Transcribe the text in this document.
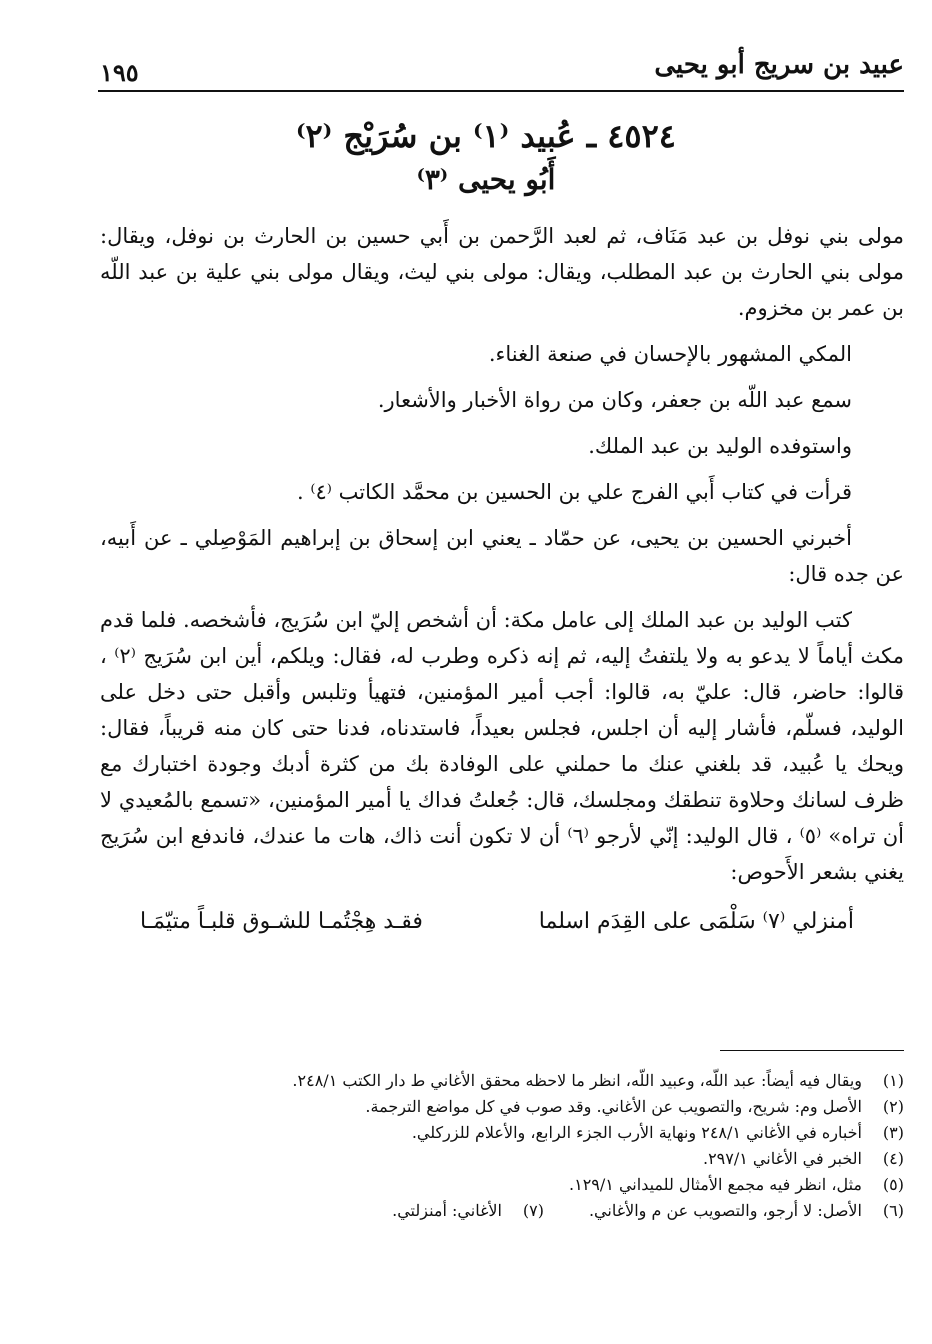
١٩٥	عبيد بن سريج أبو يحيى
٤٥٢٤ ـ عُبيد ⁽١⁾ بن سُرَيْج ⁽٢⁾
أَبُو يحيى ⁽٣⁾

مولى بني نوفل بن عبد مَنَاف، ثم لعبد الرَّحمن بن أَبي حسين بن الحارث بن نوفل، ويقال: مولى بني الحارث بن عبد المطلب، ويقال: مولى بني ليث، ويقال مولى بني علية بن عبد اللّه بن عمر بن مخزوم.

المكي المشهور بالإحسان في صنعة الغناء.

سمع عبد اللّه بن جعفر، وكان من رواة الأخبار والأشعار.

واستوفده الوليد بن عبد الملك.

قرأت في كتاب أَبي الفرج علي بن الحسين بن محمَّد الكاتب ⁽٤⁾ .

أخبرني الحسين بن يحيى، عن حمّاد ـ يعني ابن إسحاق بن إبراهيم المَوْصِلي ـ عن أَبيه، عن جده قال:

كتب الوليد بن عبد الملك إلى عامل مكة: أن أشخص إليّ ابن سُرَيج، فأشخصه. فلما قدم مكث أياماً لا يدعو به ولا يلتفتُ إليه، ثم إنه ذكره وطرب له، فقال: ويلكم، أين ابن سُرَيج ⁽٢⁾ ، قالوا: حاضر، قال: عليّ به، قالوا: أجب أمير المؤمنين، فتهيأ وتلبس وأقبل حتى دخل على الوليد، فسلّم، فأشار إليه أن اجلس، فجلس بعيداً، فاستدناه، فدنا حتى كان منه قريباً، فقال: ويحك يا عُبيد، قد بلغني عنك ما حملني على الوفادة بك من كثرة أدبك وجودة اختبارك مع ظرف لسانك وحلاوة تنطقك ومجلسك، قال: جُعلتُ فداك يا أمير المؤمنين، «تسمع بالمُعيدي لا أن تراه» ⁽٥⁾ ، قال الوليد: إنّي لأرجو ⁽٦⁾ أن لا تكون أنت ذاك، هات ما عندك، فاندفع ابن سُرَيج يغني بشعر الأَحوص:

أمنزلي ⁽٧⁾ سَلْمَى على القِدَم اسلما
فقـد هِجْتُمـا للشـوق قلبـاً متيّمَـا
(١)
ويقال فيه أيضاً: عبد اللّه، وعبيد اللّه، انظر ما لاحظه محقق الأغاني ط دار الكتب ٢٤٨/١.
(٢)
الأصل وم: شريح، والتصويب عن الأغاني. وقد صوب في كل مواضع الترجمة.
(٣)
أخباره في الأغاني ٢٤٨/١ ونهاية الأرب الجزء الرابع، والأعلام للزركلي.
(٤)
الخبر في الأغاني ٢٩٧/١.
(٥)
مثل، انظر فيه مجمع الأمثال للميداني ١٢٩/١.
(٦)
الأصل: لا أرجو، والتصويب عن م والأغاني.
(٧)
الأغاني: أمنزلتي.
